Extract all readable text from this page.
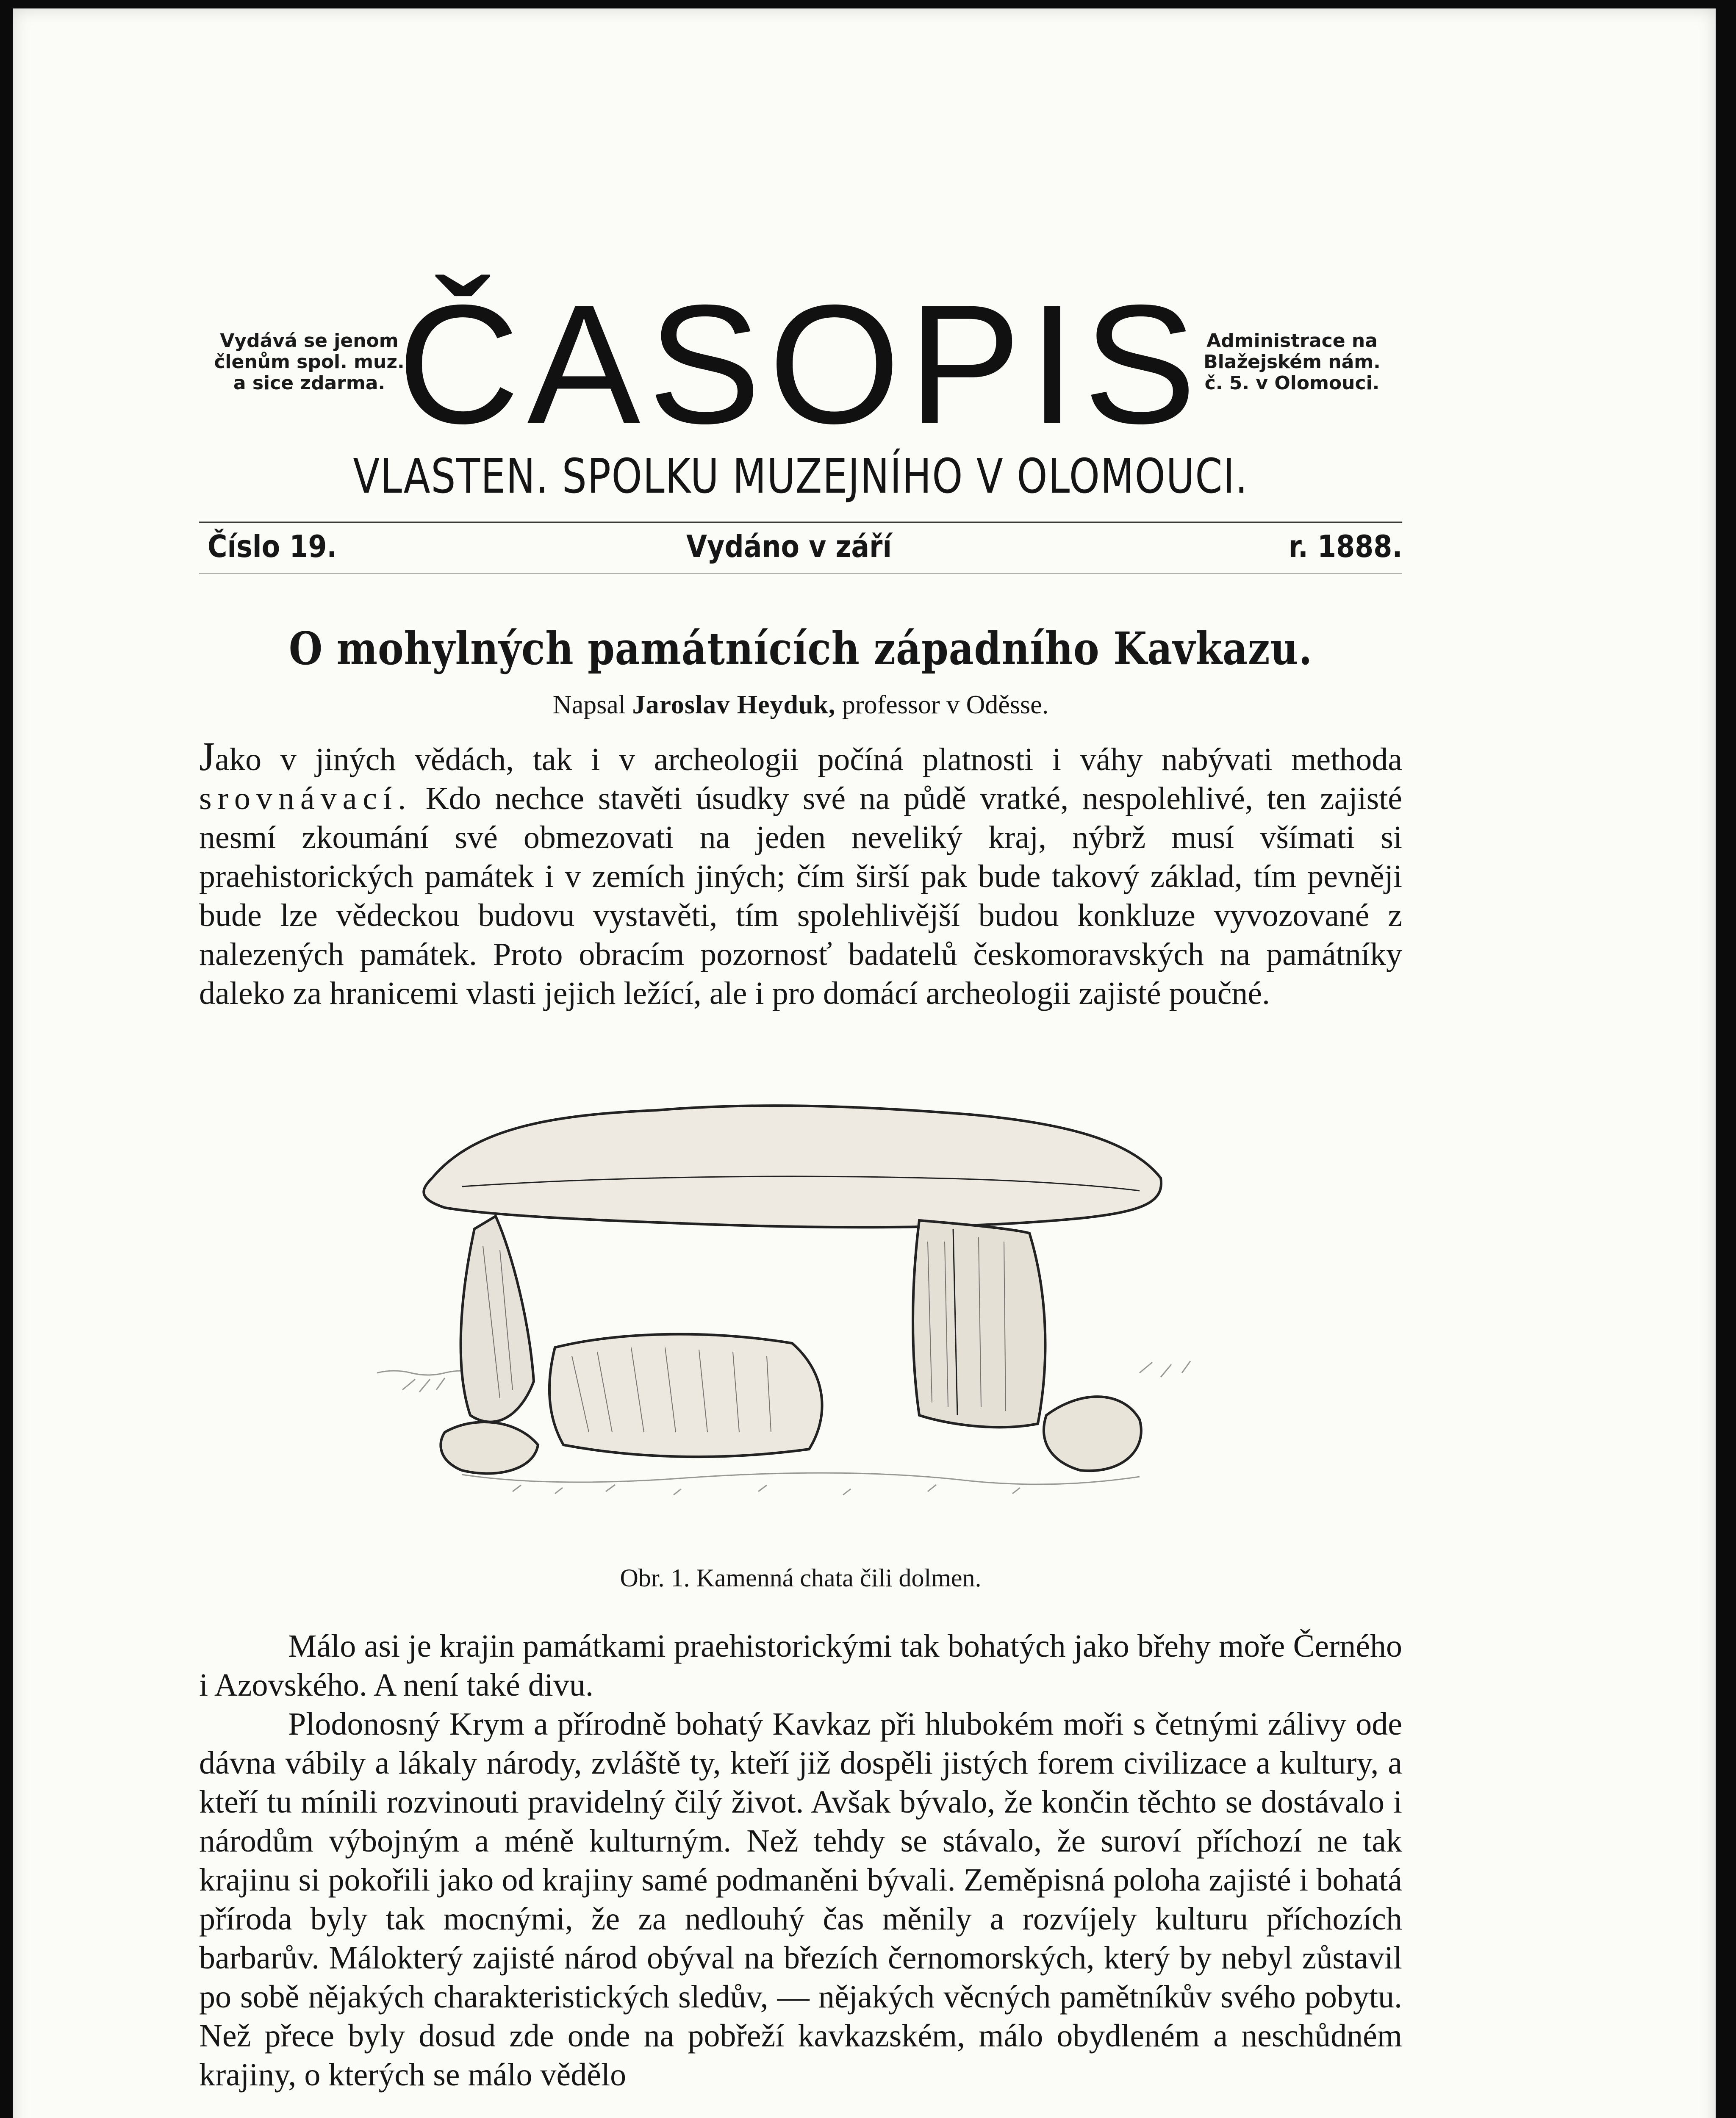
Vydává se jenom
členům spol. muz.
a sice zdarma. ČASOPIS Administrace na
Blažejském nám.
č. 5. v Olomouci.
VLASTEN. SPOLKU MUZEJNÍHO V OLOMOUCI.
Číslo 19.	Vydáno v září	r. 1888.
O mohylných památnících západního Kavkazu.
Napsal Jaroslav Heyduk, professor v Oděsse.

Jako v jiných vědách, tak i v archeologii počíná platnosti i váhy nabývati methoda srovnávací. Kdo nechce stavěti úsudky své na půdě vratké, nespolehlivé, ten zajisté nesmí zkoumání své obmezovati na jeden neveliký kraj, nýbrž musí všímati si praehistorických památek i v zemích jiných; čím širší pak bude takový základ, tím pevněji bude lze vědeckou budovu vystavěti, tím spolehlivější budou konkluze vyvozované z nalezených památek. Proto obracím pozornosť badatelů českomoravských na památníky daleko za hranicemi vlasti jejich ležící, ale i pro domácí archeologii zajisté poučné.

Obr. 1. Kamenná chata čili dolmen.

Málo asi je krajin památkami praehistorickými tak bohatých jako břehy moře Černého i Azovského. A není také divu.

Plodonosný Krym a přírodně bohatý Kavkaz při hlubokém moři s četnými zálivy ode dávna vábily a lákaly národy, zvláště ty, kteří již dospěli jistých forem civilizace a kultury, a kteří tu mínili rozvinouti pravidelný čilý život. Avšak bývalo, že končin těchto se dostávalo i národům výbojným a méně kulturným. Než tehdy se stávalo, že suroví příchozí ne tak krajinu si pokořili jako od krajiny samé podmaněni bývali. Zeměpisná poloha zajisté i bohatá příroda byly tak mocnými, že za nedlouhý čas měnily a rozvíjely kulturu příchozích barbarův. Málokterý zajisté národ obýval na březích černomorských, který by nebyl zůstavil po sobě nějakých charakteristických sledův, — nějakých věcných pamětníkův svého pobytu. Než přece byly dosud zde onde na pobřeží kavkazském, málo obydleném a neschůdném krajiny, o kterých se málo vědělo
